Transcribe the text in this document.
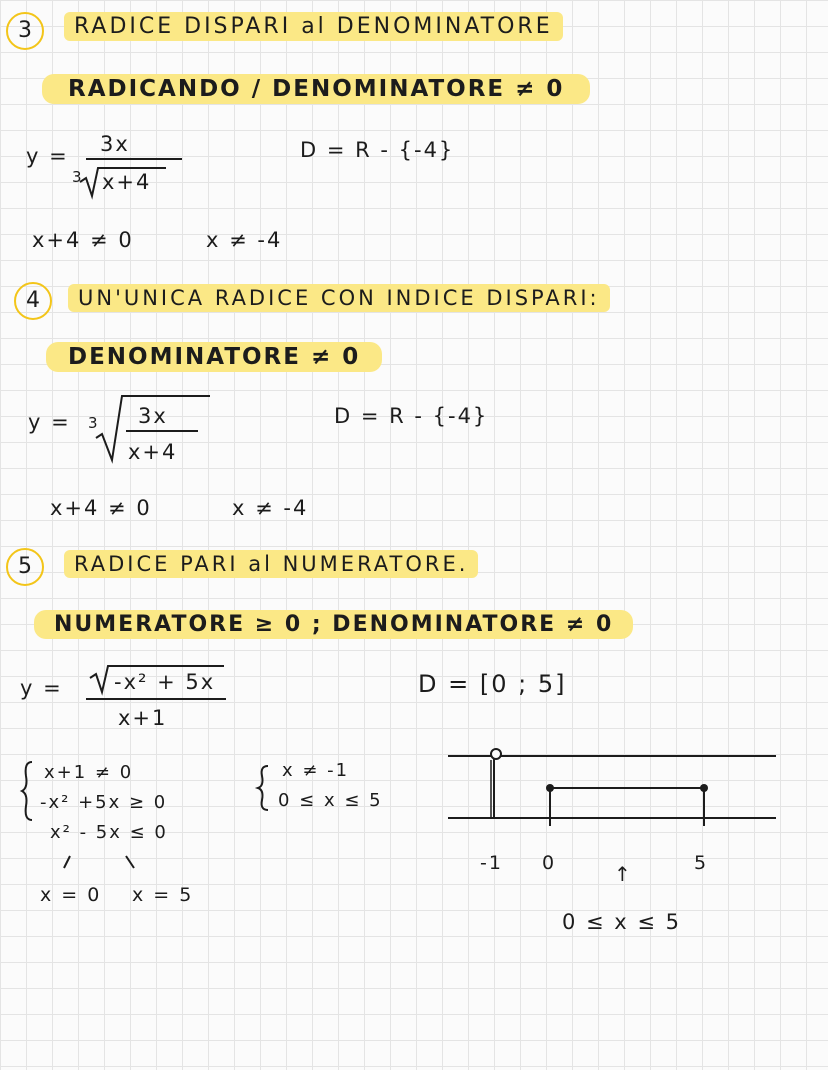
3	RADICE DISPARI al DENOMINATORE
RADICANDO / DENOMINATORE ≠ 0
y = 3x
3 x+4
D = R - {-4}
x+4 ≠ 0	x ≠ -4
4	UN'UNICA RADICE CON INDICE DISPARI:
DENOMINATORE ≠ 0
y = 3 3x
x+4
D = R - {-4}
x+4 ≠ 0	x ≠ -4
5	RADICE PARI al NUMERATORE.
NUMERATORE ≥ 0 ; DENOMINATORE ≠ 0
y = -x² + 5x
x+1
D = [0 ; 5]
x+1 ≠ 0
-x² +5x ≥ 0
x² - 5x ≤ 0
x = 0 x = 5
x ≠ -1
0 ≤ x ≤ 5
-1 0	5
↑
0 ≤ x ≤ 5
